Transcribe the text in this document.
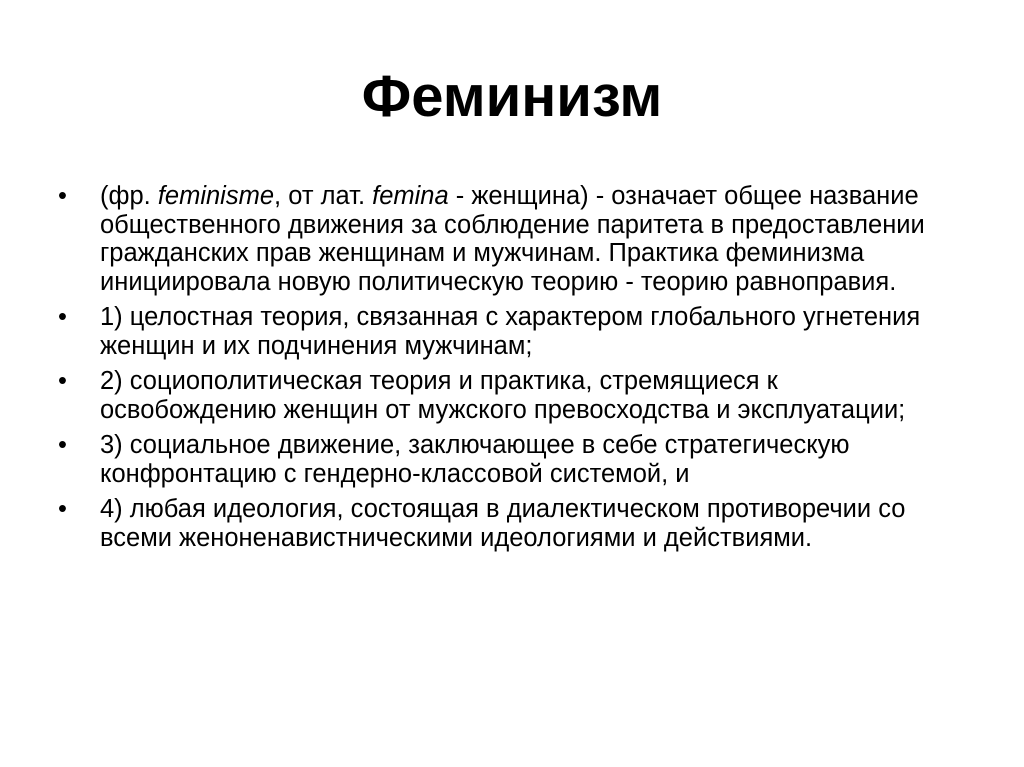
Феминизм
•	(фр. feminisme, от лат. femina - женщина) - означает общее название общественного движения за соблюдение паритета в предоставлении гражданских прав женщинам и мужчинам. Практика феминизма инициировала новую политическую теорию - теорию равноправия.
•	1) целостная теория, связанная с характером глобального угнетения женщин и их подчинения мужчинам;
•	2) социополитическая теория и практика, стремящиеся к освобождению женщин от мужского превосходства и эксплуатации;
•	3) социальное движение, заключающее в себе стратегическую конфронтацию с гендерно-классовой системой, и
•	4) любая идеология, состоящая в диалектическом противоречии со всеми женоненавистническими идеологиями и действиями.
